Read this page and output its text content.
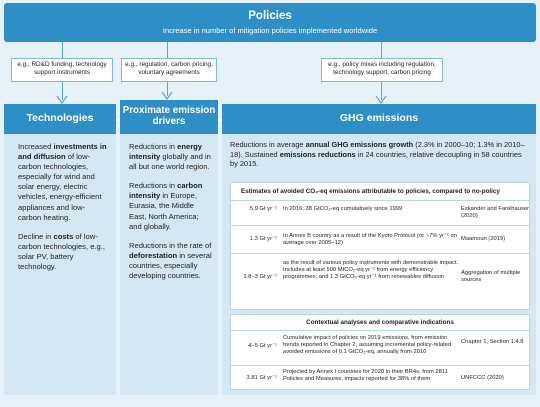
Policies
Increase in number of mitigation policies implemented worldwide
e.g., RD&D funding, technology support instruments
e.g., regulation, carbon pricing, voluntary agreements
e.g., policy mixes including regulation, technology support, carbon pricing
Technologies

Increased investments in and diffusion of low-carbon technologies, especially for wind and solar energy, electric vehicles, energy-efficient appliances and low-carbon heating.

Decline in costs of low-carbon technologies, e.g., solar PV, battery technology.

Proximate emission drivers

Reductions in energy intensity globally and in all but one world region.

Reductions in carbon intensity in Europe, Eurasia, the Middle East, North America; and globally.

Reductions in the rate of deforestation in several countries, especially developing countries.

GHG emissions
Reductions in average annual GHG emissions growth (2.3% in 2000–10; 1.3% in 2010–18). Sustained emissions reductions in 24 countries, relative decoupling in 58 countries by 2015.
Estimates of avoided CO₂-eq emissions attributable to policies, compared to no-policy
5.9 Gt yr⁻¹ In 2016; 38 GtCO₂-eq cumulatively since 1999	Eskander and Fankhauser (2020)
1.3 Gt yr⁻¹ In Annex B country as a result of the Kyoto Protocol (or ~7% yr⁻¹ on average over 2005–12)
Maamoun (2019)
1.8–3 Gt yr⁻¹
as the result of various policy instruments with demonstrable impact. Includes at least 500 MtCO₂-eq yr⁻¹ from energy efficiency programmes; and 1.3 GtCO₂-eq yr⁻¹ from renewables diffusion
Aggregation of multiple sources
Contextual analyses and comparative indications
4–5 Gt yr⁻¹
Cumulative impact of policies on 2019 emissions, from emission trends reported in Chapter 2, assuming incremental policy-related avoided emissions of 0.1 GtCO₂-eq, annually from 2010
Chapter 1, Section 1.4.8
3.81 Gt yr⁻¹
Projected by Annex I countries for 2020 in their BR4s, from 2811 Policies and Measures, impacts reported for 38% of them	UNFCCC (2020)
